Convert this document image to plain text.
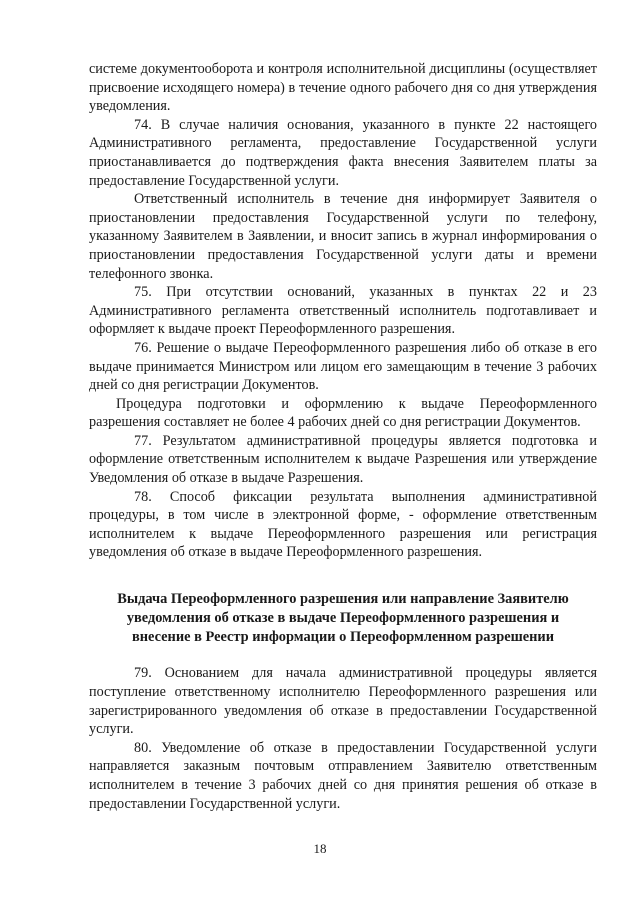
системе документооборота и контроля исполнительной дисциплины (осуществляет присвоение исходящего номера) в течение одного рабочего дня со дня утверждения уведомления.

74. В случае наличия основания, указанного в пункте 22 настоящего Административного регламента, предоставление Государственной услуги приостанавливается до подтверждения факта внесения Заявителем платы за предоставление Государственной услуги.

Ответственный исполнитель в течение дня информирует Заявителя о приостановлении предоставления Государственной услуги по телефону, указанному Заявителем в Заявлении, и вносит запись в журнал информирования о приостановлении предоставления Государственной услуги даты и времени телефонного звонка.

75. При отсутствии оснований, указанных в пунктах 22 и 23 Административного регламента ответственный исполнитель подготавливает и оформляет к выдаче проект Переоформленного разрешения.

76. Решение о выдаче Переоформленного разрешения либо об отказе в его выдаче принимается Министром или лицом его замещающим в течение 3 рабочих дней со дня регистрации Документов.

Процедура подготовки и оформлению к выдаче Переоформленного разрешения составляет не более 4 рабочих дней со дня регистрации Документов.

77. Результатом административной процедуры является подготовка и оформление ответственным исполнителем к выдаче Разрешения или утверждение Уведомления об отказе в выдаче Разрешения.

78. Способ фиксации результата выполнения административной процедуры, в том числе в электронной форме, - оформление ответственным исполнителем к выдаче Переоформленного разрешения или регистрация уведомления об отказе в выдаче Переоформленного разрешения.

Выдача Переоформленного разрешения или направление Заявителю уведомления об отказе в выдаче Переоформленного разрешения и внесение в Реестр информации о Переоформленном разрешении

79. Основанием для начала административной процедуры является поступление ответственному исполнителю Переоформленного разрешения или зарегистрированного уведомления об отказе в предоставлении Государственной услуги.

80. Уведомление об отказе в предоставлении Государственной услуги направляется заказным почтовым отправлением Заявителю ответственным исполнителем в течение 3 рабочих дней со дня принятия решения об отказе в предоставлении Государственной услуги.

18
